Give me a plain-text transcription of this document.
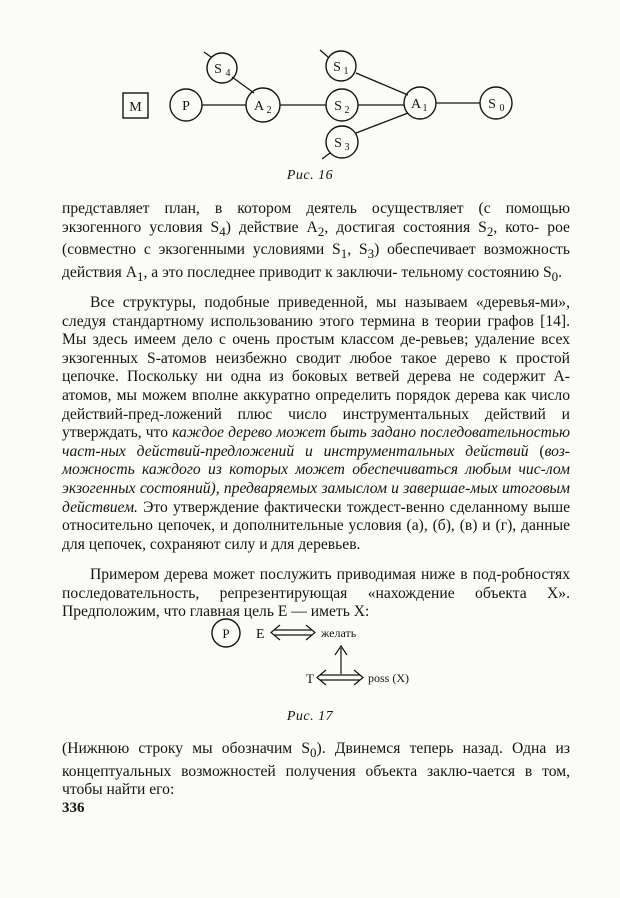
M	P
S 4
A 2
S 1
S 2
S 3
A 1	S 0
Рис. 16

представляет план, в котором деятель осуществляет (с помощью экзогенного условия $S_4$) действие $A_2$, достигая состояния $S_2$, кото- рое (совместно с экзогенными условиями $S_1$, $S_3$) обеспечивает возможность действия $A_1$, а это последнее приводит к заключи- тельному состоянию $S_0$.

Все структуры, подобные приведенной, мы называем «деревья-ми», следуя стандартному использованию этого термина в теории графов [14]. Мы здесь имеем дело с очень простым классом де-ревьев; удаление всех экзогенных S-атомов неизбежно сводит любое такое дерево к простой цепочке. Поскольку ни одна из боковых ветвей дерева не содержит A-атомов, мы можем вполне аккуратно определить порядок дерева как число действий-пред-ложений плюс число инструментальных действий и утверждать, что каждое дерево может быть задано последовательностью част-ных действий-предложений и инструментальных действий (воз-можность каждого из которых может обеспечиваться любым чис-лом экзогенных состояний), предваряемых замыслом и завершае-мых итоговым действием. Это утверждение фактически тождест-венно сделанному выше относительно цепочек, и дополнительные условия (а), (б), (в) и (г), данные для цепочек, сохраняют силу и для деревьев.

Примером дерева может послужить приводимая ниже в под-робностях последовательность, репрезентирующая «нахождение объекта X». Предположим, что главная цель E — иметь X:

P E	желать
T	poss (X)
Рис. 17

(Нижнюю строку мы обозначим $S_0$). Двинемся теперь назад. Одна из концептуальных возможностей получения объекта заклю-чается в том, чтобы найти его:

336
